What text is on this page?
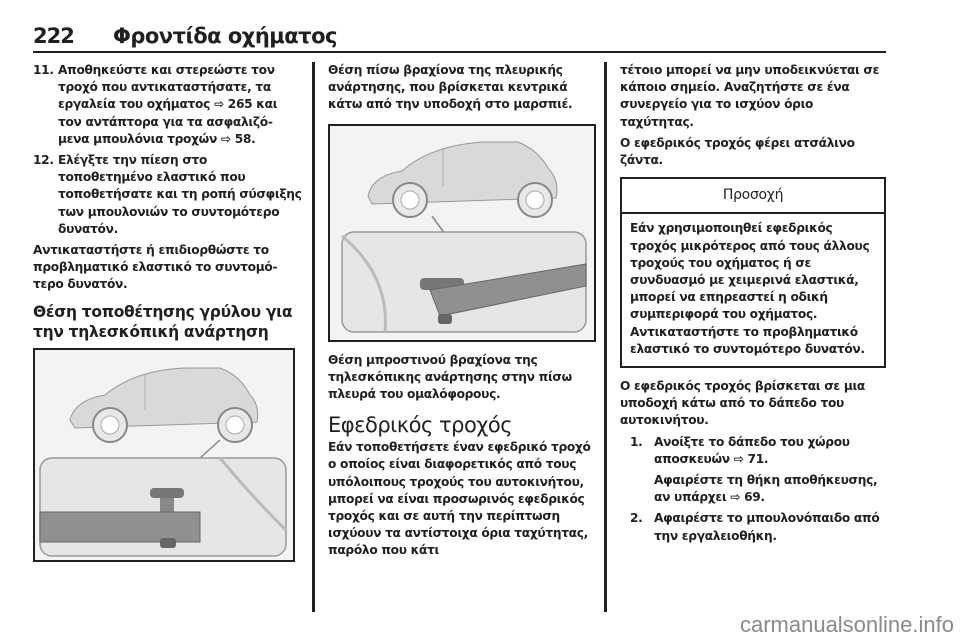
222 Φροντίδα οχήματος
11. Αποθηκεύστε και στερεώστε τον τροχό που αντικαταστήσατε, τα εργαλεία του οχήματος ⇨ 265 και τον αντάπτορα για τα ασφαλιζό-μενα μπουλόνια τροχών ⇨ 58.
12. Ελέγξτε την πίεση στο τοποθετημένο ελαστικό που τοποθετήσατε και τη ροπή σύσφιξης των μπουλονιών το συντομότερο δυνατόν.

Αντικαταστήστε ή επιδιορθώστε το προβληματικό ελαστικό το συντομό-τερο δυνατόν.

Θέση τοποθέτησης γρύλου για την τηλεσκόπική ανάρτηση

Θέση πίσω βραχίονα της πλευρικής ανάρτησης, που βρίσκεται κεντρικά κάτω από την υποδοχή στο μαρσπιέ.

Θέση μπροστινού βραχίονα της τηλεσκόπικης ανάρτησης στην πίσω πλευρά του ομαλόφορους.

Εφεδρικός τροχός

Εάν τοποθετήσετε έναν εφεδρικό τροχό ο οποίος είναι διαφορετικός από τους υπόλοιπους τροχούς του αυτοκινήτου, μπορεί να είναι προσωρινός εφεδρικός τροχός και σε αυτή την περίπτωση ισχύουν τα αντίστοιχα όρια ταχύτητας, παρόλο που κάτι

τέτοιο μπορεί να μην υποδεικνύεται σε κάποιο σημείο. Αναζητήστε σε ένα συνεργείο για το ισχύον όριο ταχύτητας.

Ο εφεδρικός τροχός φέρει ατσάλινο ζάντα.

Προσοχή
Εάν χρησιμοποιηθεί εφεδρικός τροχός μικρότερος από τους άλλους τροχούς του οχήματος ή σε συνδυασμό με χειμερινά ελαστικά, μπορεί να επηρεαστεί η οδική συμπεριφορά του οχήματος. Αντικαταστήστε το προβληματικό ελαστικό το συντομότερο δυνατόν.

Ο εφεδρικός τροχός βρίσκεται σε μια υποδοχή κάτω από το δάπεδο του αυτοκινήτου.

1. Ανοίξτε το δάπεδο του χώρου αποσκευών ⇨ 71.
Αφαιρέστε τη θήκη αποθήκευσης, αν υπάρχει ⇨ 69.
2. Αφαιρέστε το μπουλονόπαιδο από την εργαλειοθήκη.
carmanualsonline.info
